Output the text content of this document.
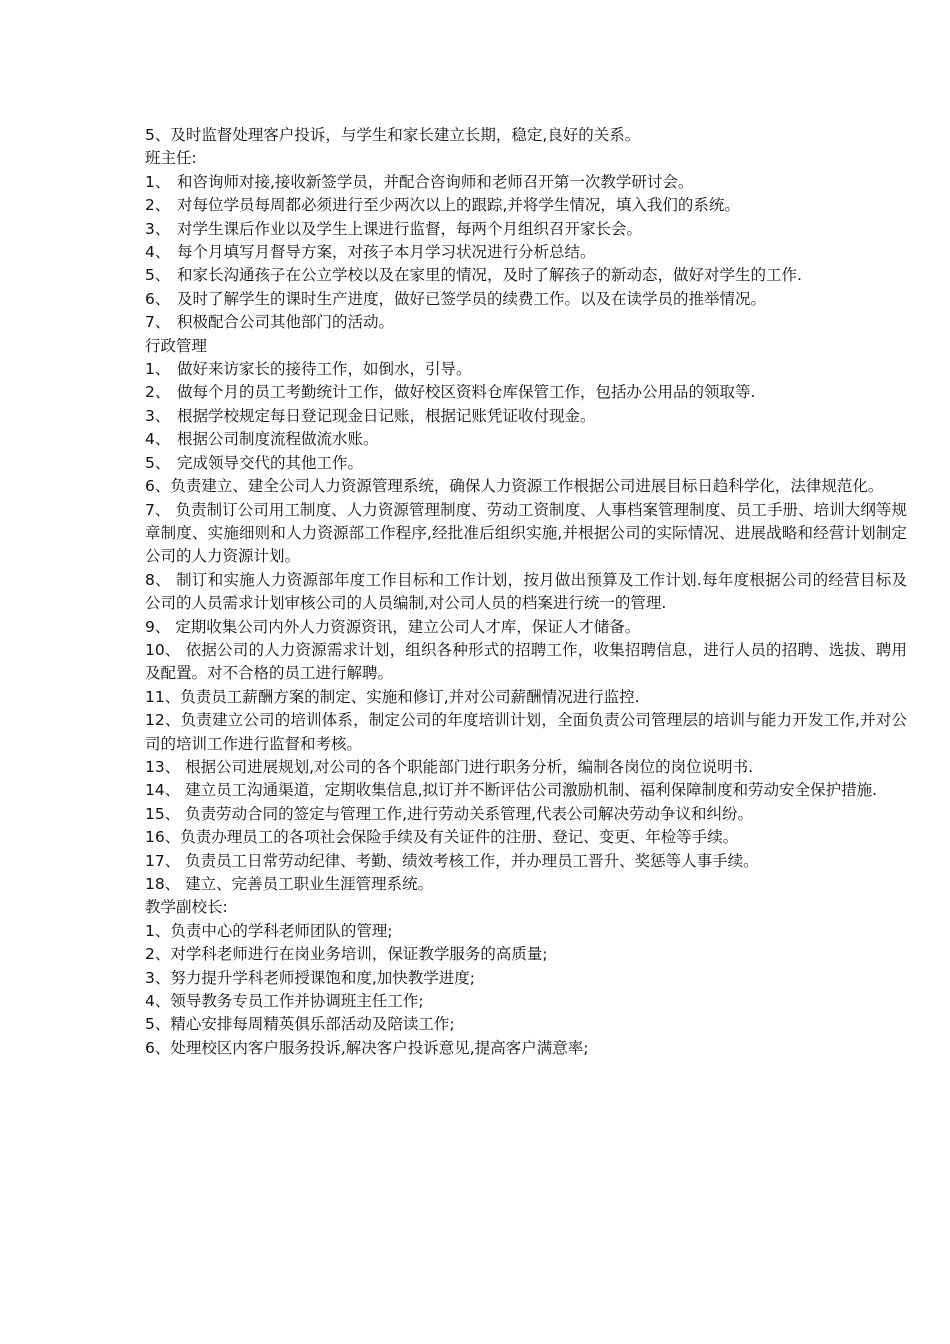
5、及时监督处理客户投诉，与学生和家长建立长期，稳定,良好的关系。

班主任:

1、 和咨询师对接,接收新签学员，并配合咨询师和老师召开第一次教学研讨会。
2、 对每位学员每周都必须进行至少两次以上的跟踪,并将学生情况，填入我们的系统。
3、 对学生课后作业以及学生上课进行监督，每两个月组织召开家长会。
4、 每个月填写月督导方案，对孩子本月学习状况进行分析总结。
5、 和家长沟通孩子在公立学校以及在家里的情况，及时了解孩子的新动态，做好对学生的工作.
6、 及时了解学生的课时生产进度，做好已签学员的续费工作。以及在读学员的推举情况。
7、 积极配合公司其他部门的活动。

行政管理

1、 做好来访家长的接待工作，如倒水，引导。
2、 做每个月的员工考勤统计工作，做好校区资料仓库保管工作，包括办公用品的领取等.
3、 根据学校规定每日登记现金日记账，根据记账凭证收付现金。
4、 根据公司制度流程做流水账。
5、 完成领导交代的其他工作。

6、负责建立、建全公司人力资源管理系统，确保人力资源工作根据公司进展目标日趋科学化，法律规范化。

7、 负责制订公司用工制度、人力资源管理制度、劳动工资制度、人事档案管理制度、员工手册、培训大纲等规章制度、实施细则和人力资源部工作程序,经批准后组织实施,并根据公司的实际情况、进展战略和经营计划制定公司的人力资源计划。

8、 制订和实施人力资源部年度工作目标和工作计划，按月做出预算及工作计划.每年度根据公司的经营目标及公司的人员需求计划审核公司的人员编制,对公司人员的档案进行统一的管理.

9、 定期收集公司内外人力资源资讯，建立公司人才库，保证人才储备。

10、 依据公司的人力资源需求计划，组织各种形式的招聘工作，收集招聘信息，进行人员的招聘、选拔、聘用及配置。对不合格的员工进行解聘。

11、负责员工薪酬方案的制定、实施和修订,并对公司薪酬情况进行监控.

12、负责建立公司的培训体系，制定公司的年度培训计划，全面负责公司管理层的培训与能力开发工作,并对公司的培训工作进行监督和考核。

13、 根据公司进展规划,对公司的各个职能部门进行职务分析，编制各岗位的岗位说明书.

14、 建立员工沟通渠道，定期收集信息,拟订并不断评估公司激励机制、福利保障制度和劳动安全保护措施.

15、 负责劳动合同的签定与管理工作,进行劳动关系管理,代表公司解决劳动争议和纠纷。

16、负责办理员工的各项社会保险手续及有关证件的注册、登记、变更、年检等手续。

17、 负责员工日常劳动纪律、考勤、绩效考核工作，并办理员工晋升、奖惩等人事手续。

18、 建立、完善员工职业生涯管理系统。

教学副校长:

1、负责中心的学科老师团队的管理;

2、对学科老师进行在岗业务培训，保证教学服务的高质量;

3、努力提升学科老师授课饱和度,加快教学进度;

4、领导教务专员工作并协调班主任工作;

5、精心安排每周精英俱乐部活动及陪读工作;

6、处理校区内客户服务投诉,解决客户投诉意见,提高客户满意率;
